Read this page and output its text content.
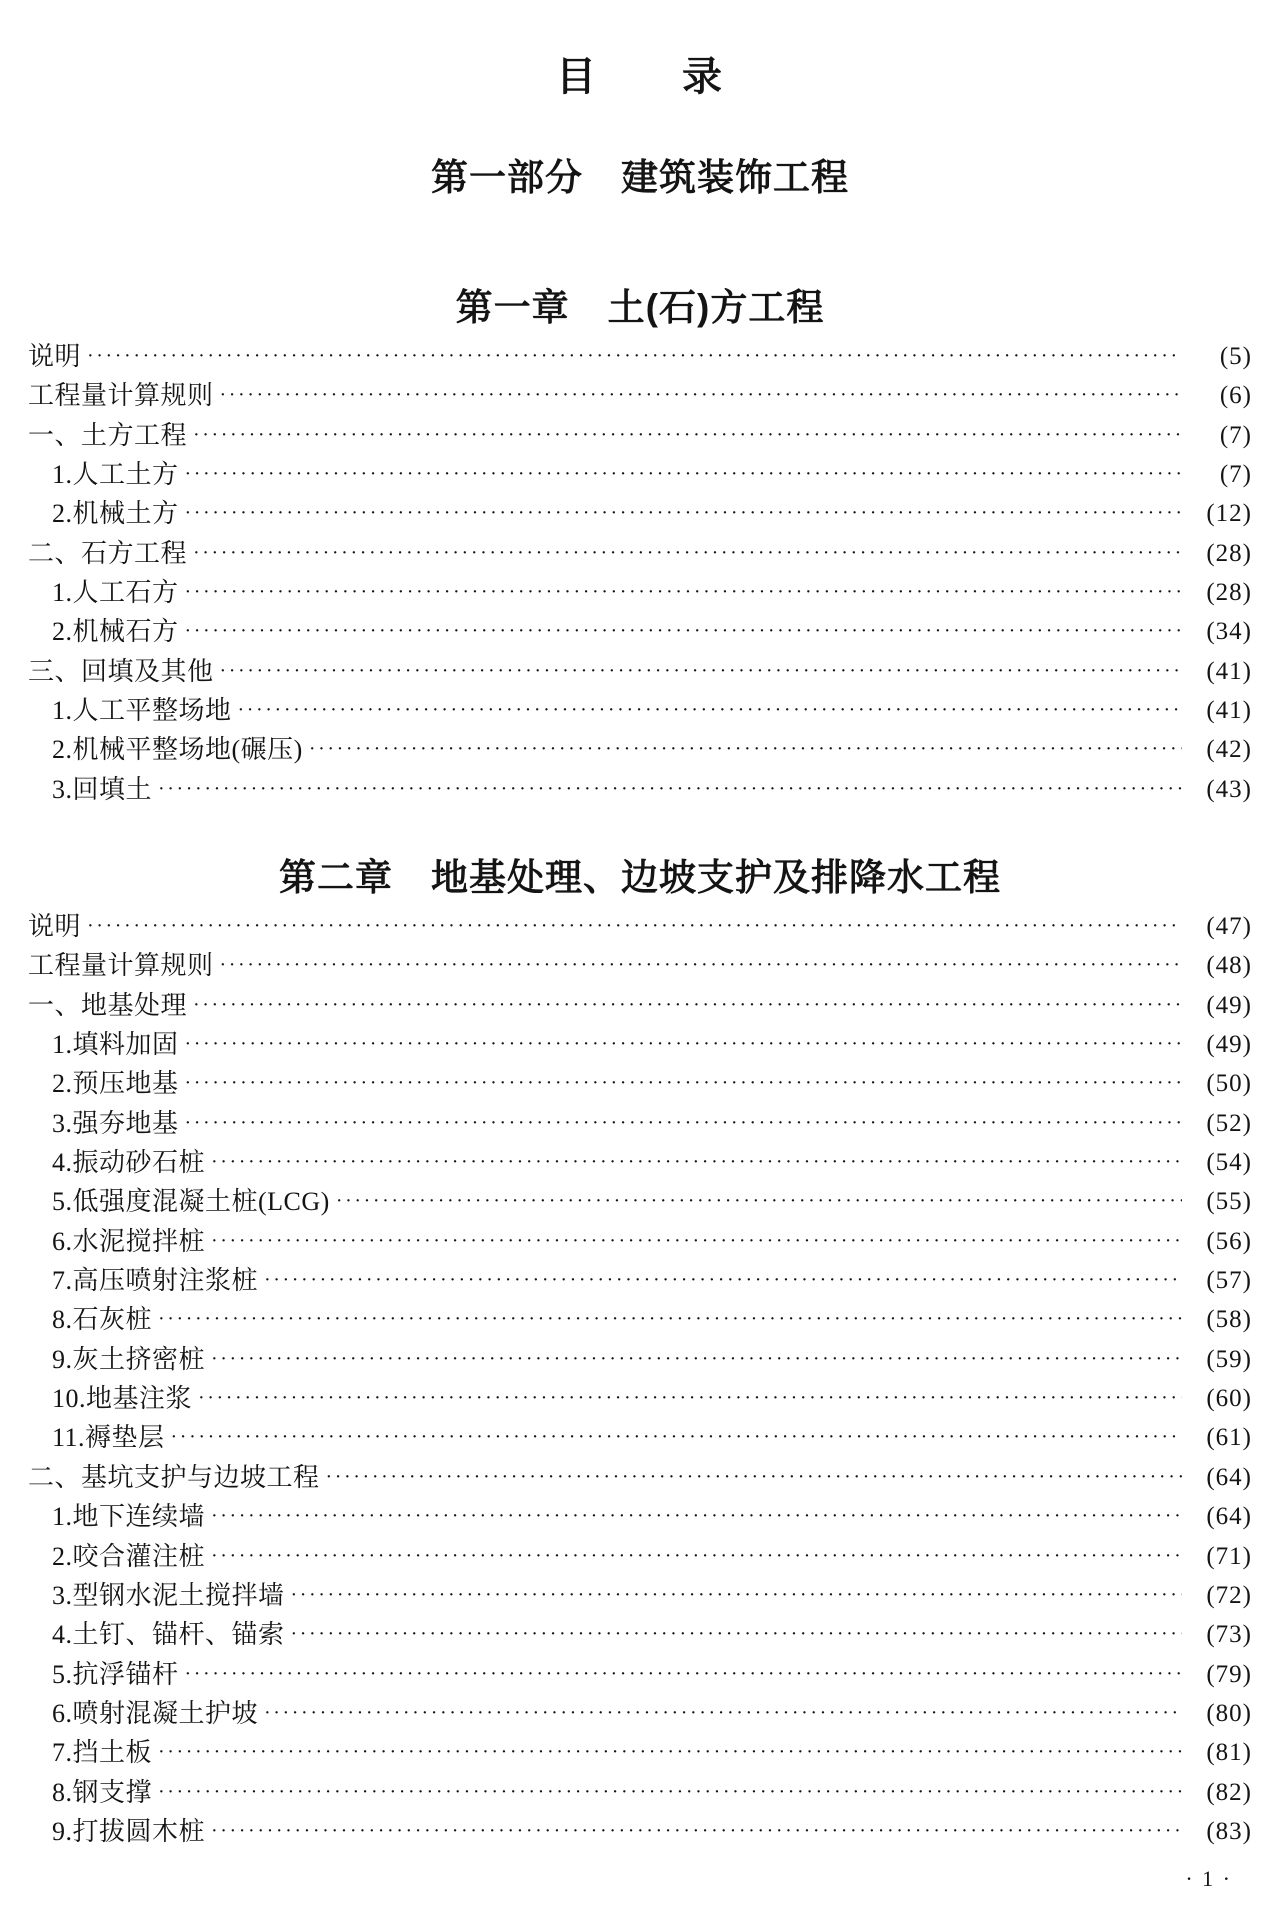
目　　录
第一部分　建筑装饰工程
第一章　土(石)方工程
说明 ·····	(5)
工程量计算规则 ·····	(6)
一、土方工程 ·····	(7)
1.人工土方 ·····	(7)
2.机械土方 ·····	(12)
二、石方工程 ·····	(28)
1.人工石方 ·····	(28)
2.机械石方 ·····	(34)
三、回填及其他 ·····	(41)
1.人工平整场地 ·····	(41)
2.机械平整场地(碾压) ·····	(42)
3.回填土 ·····	(43)
第二章　地基处理、边坡支护及排降水工程
说明 ·····	(47)
工程量计算规则 ·····	(48)
一、地基处理 ·····	(49)
1.填料加固 ·····	(49)
2.预压地基 ·····	(50)
3.强夯地基 ·····	(52)
4.振动砂石桩 ·····	(54)
5.低强度混凝土桩(LCG) ·····	(55)
6.水泥搅拌桩 ·····	(56)
7.高压喷射注浆桩 ·····	(57)
8.石灰桩 ·····	(58)
9.灰土挤密桩 ·····	(59)
10.地基注浆 ·····	(60)
11.褥垫层 ·····	(61)
二、基坑支护与边坡工程 ·····	(64)
1.地下连续墙 ·····	(64)
2.咬合灌注桩 ·····	(71)
3.型钢水泥土搅拌墙 ·····	(72)
4.土钉、锚杆、锚索 ·····	(73)
5.抗浮锚杆 ·····	(79)
6.喷射混凝土护坡 ·····	(80)
7.挡土板 ·····	(81)
8.钢支撑 ·····	(82)
9.打拔圆木桩 ·····	(83)
· 1 ·
